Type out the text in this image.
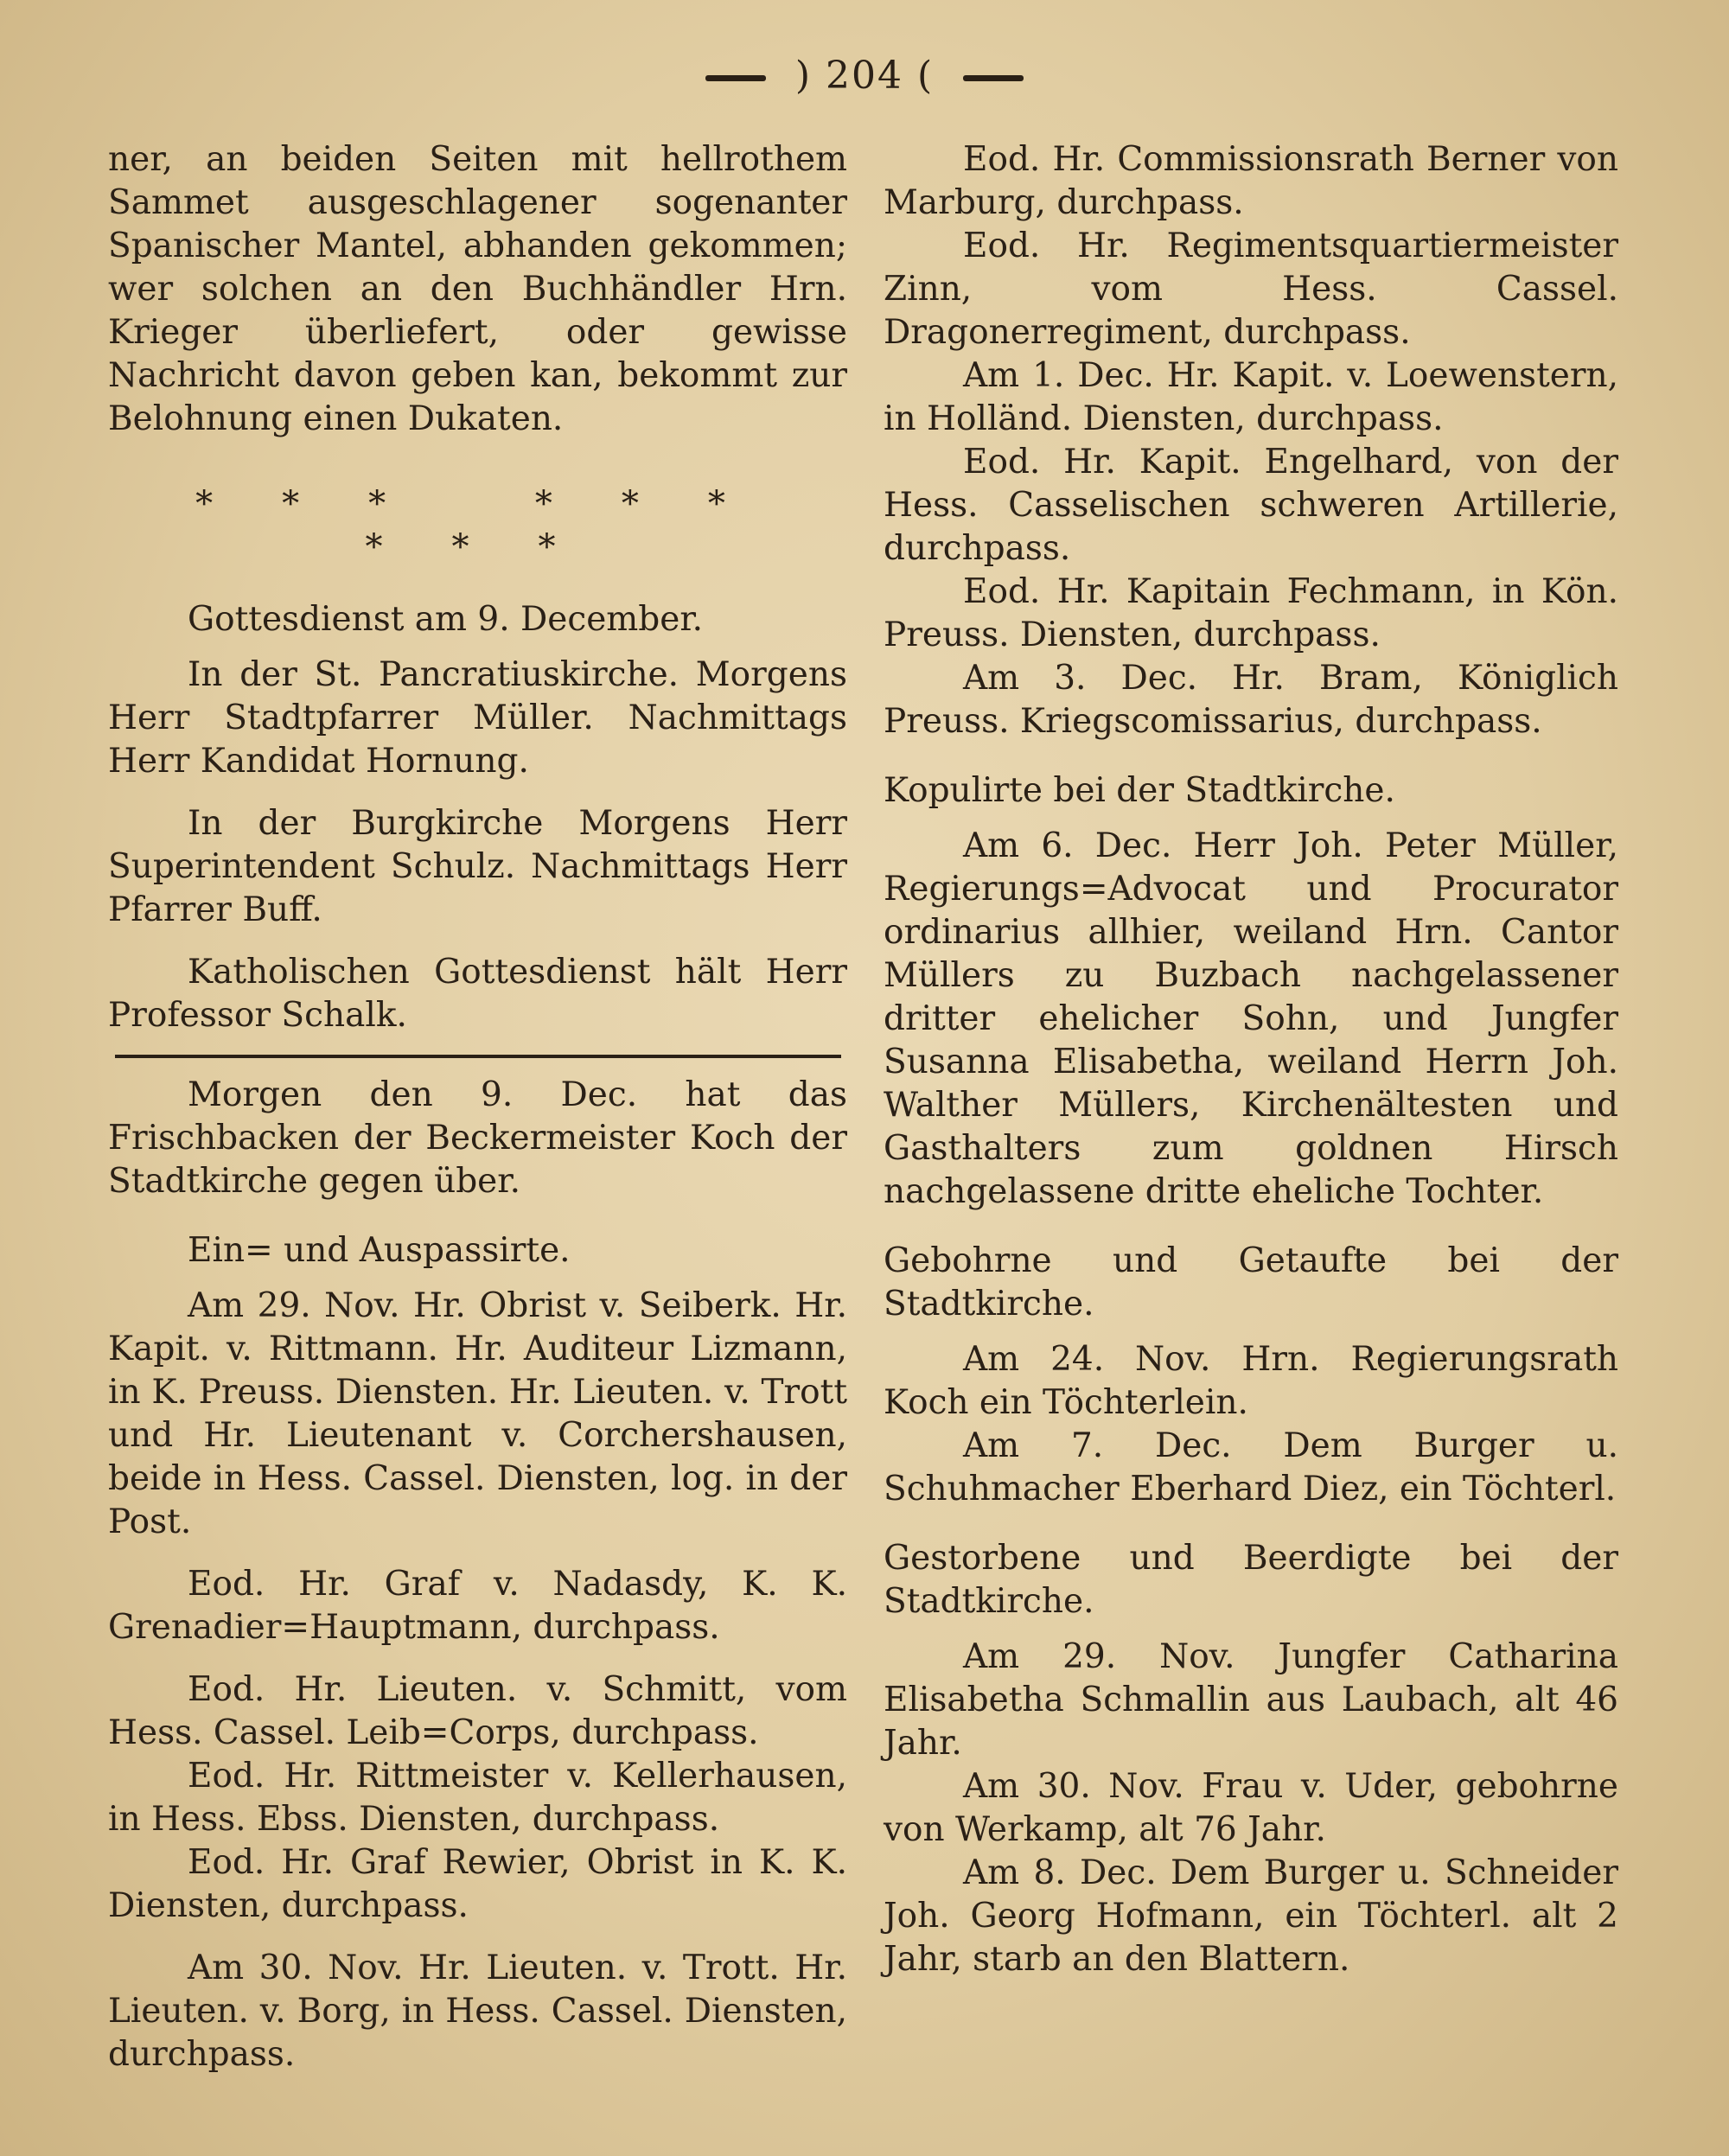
) 204 (

ner, an beiden Seiten mit hellrothem Sammet ausgeschlagener sogenanter Spanischer Mantel, abhanden gekommen; wer solchen an den Buchhändler Hrn. Krieger überliefert, oder gewisse Nachricht davon geben kan, bekommt zur Belohnung einen Dukaten.

*** *** ***

Gottesdienst am 9. December.

In der St. Pancratiuskirche. Morgens Herr Stadtpfarrer Müller. Nachmittags Herr Kandidat Hornung.

In der Burgkirche Morgens Herr Superintendent Schulz. Nachmittags Herr Pfarrer Buff.

Katholischen Gottesdienst hält Herr Professor Schalk.

Morgen den 9. Dec. hat das Frischbacken der Beckermeister Koch der Stadtkirche gegen über.

Ein= und Auspassirte.

Am 29. Nov. Hr. Obrist v. Seiberk. Hr. Kapit. v. Rittmann. Hr. Auditeur Lizmann, in K. Preuss. Diensten. Hr. Lieuten. v. Trott und Hr. Lieutenant v. Corchershausen, beide in Hess. Cassel. Diensten, log. in der Post.

Eod. Hr. Graf v. Nadasdy, K. K. Grenadier=Hauptmann, durchpass.

Eod. Hr. Lieuten. v. Schmitt, vom Hess. Cassel. Leib=Corps, durchpass.

Eod. Hr. Rittmeister v. Kellerhausen, in Hess. Ebss. Diensten, durchpass.

Eod. Hr. Graf Rewier, Obrist in K. K. Diensten, durchpass.

Am 30. Nov. Hr. Lieuten. v. Trott. Hr. Lieuten. v. Borg, in Hess. Cassel. Diensten, durchpass.

Eod. Hr. Commissionsrath Berner von Marburg, durchpass.

Eod. Hr. Regimentsquartiermeister Zinn, vom Hess. Cassel. Dragonerregiment, durchpass.

Am 1. Dec. Hr. Kapit. v. Loewenstern, in Holländ. Diensten, durchpass.

Eod. Hr. Kapit. Engelhard, von der Hess. Casselischen schweren Artillerie, durchpass.

Eod. Hr. Kapitain Fechmann, in Kön. Preuss. Diensten, durchpass.

Am 3. Dec. Hr. Bram, Königlich Preuss. Kriegscomissarius, durchpass.

Kopulirte bei der Stadtkirche.

Am 6. Dec. Herr Joh. Peter Müller, Regierungs=Advocat und Procurator ordinarius allhier, weiland Hrn. Cantor Müllers zu Buzbach nachgelassener dritter ehelicher Sohn, und Jungfer Susanna Elisabetha, weiland Herrn Joh. Walther Müllers, Kirchenältesten und Gasthalters zum goldnen Hirsch nachgelassene dritte eheliche Tochter.

Gebohrne und Getaufte bei der Stadtkirche.

Am 24. Nov. Hrn. Regierungsrath Koch ein Töchterlein.

Am 7. Dec. Dem Burger u. Schuhmacher Eberhard Diez, ein Töchterl.

Gestorbene und Beerdigte bei der Stadtkirche.

Am 29. Nov. Jungfer Catharina Elisabetha Schmallin aus Laubach, alt 46 Jahr.

Am 30. Nov. Frau v. Uder, gebohrne von Werkamp, alt 76 Jahr.

Am 8. Dec. Dem Burger u. Schneider Joh. Georg Hofmann, ein Töchterl. alt 2 Jahr, starb an den Blattern.
